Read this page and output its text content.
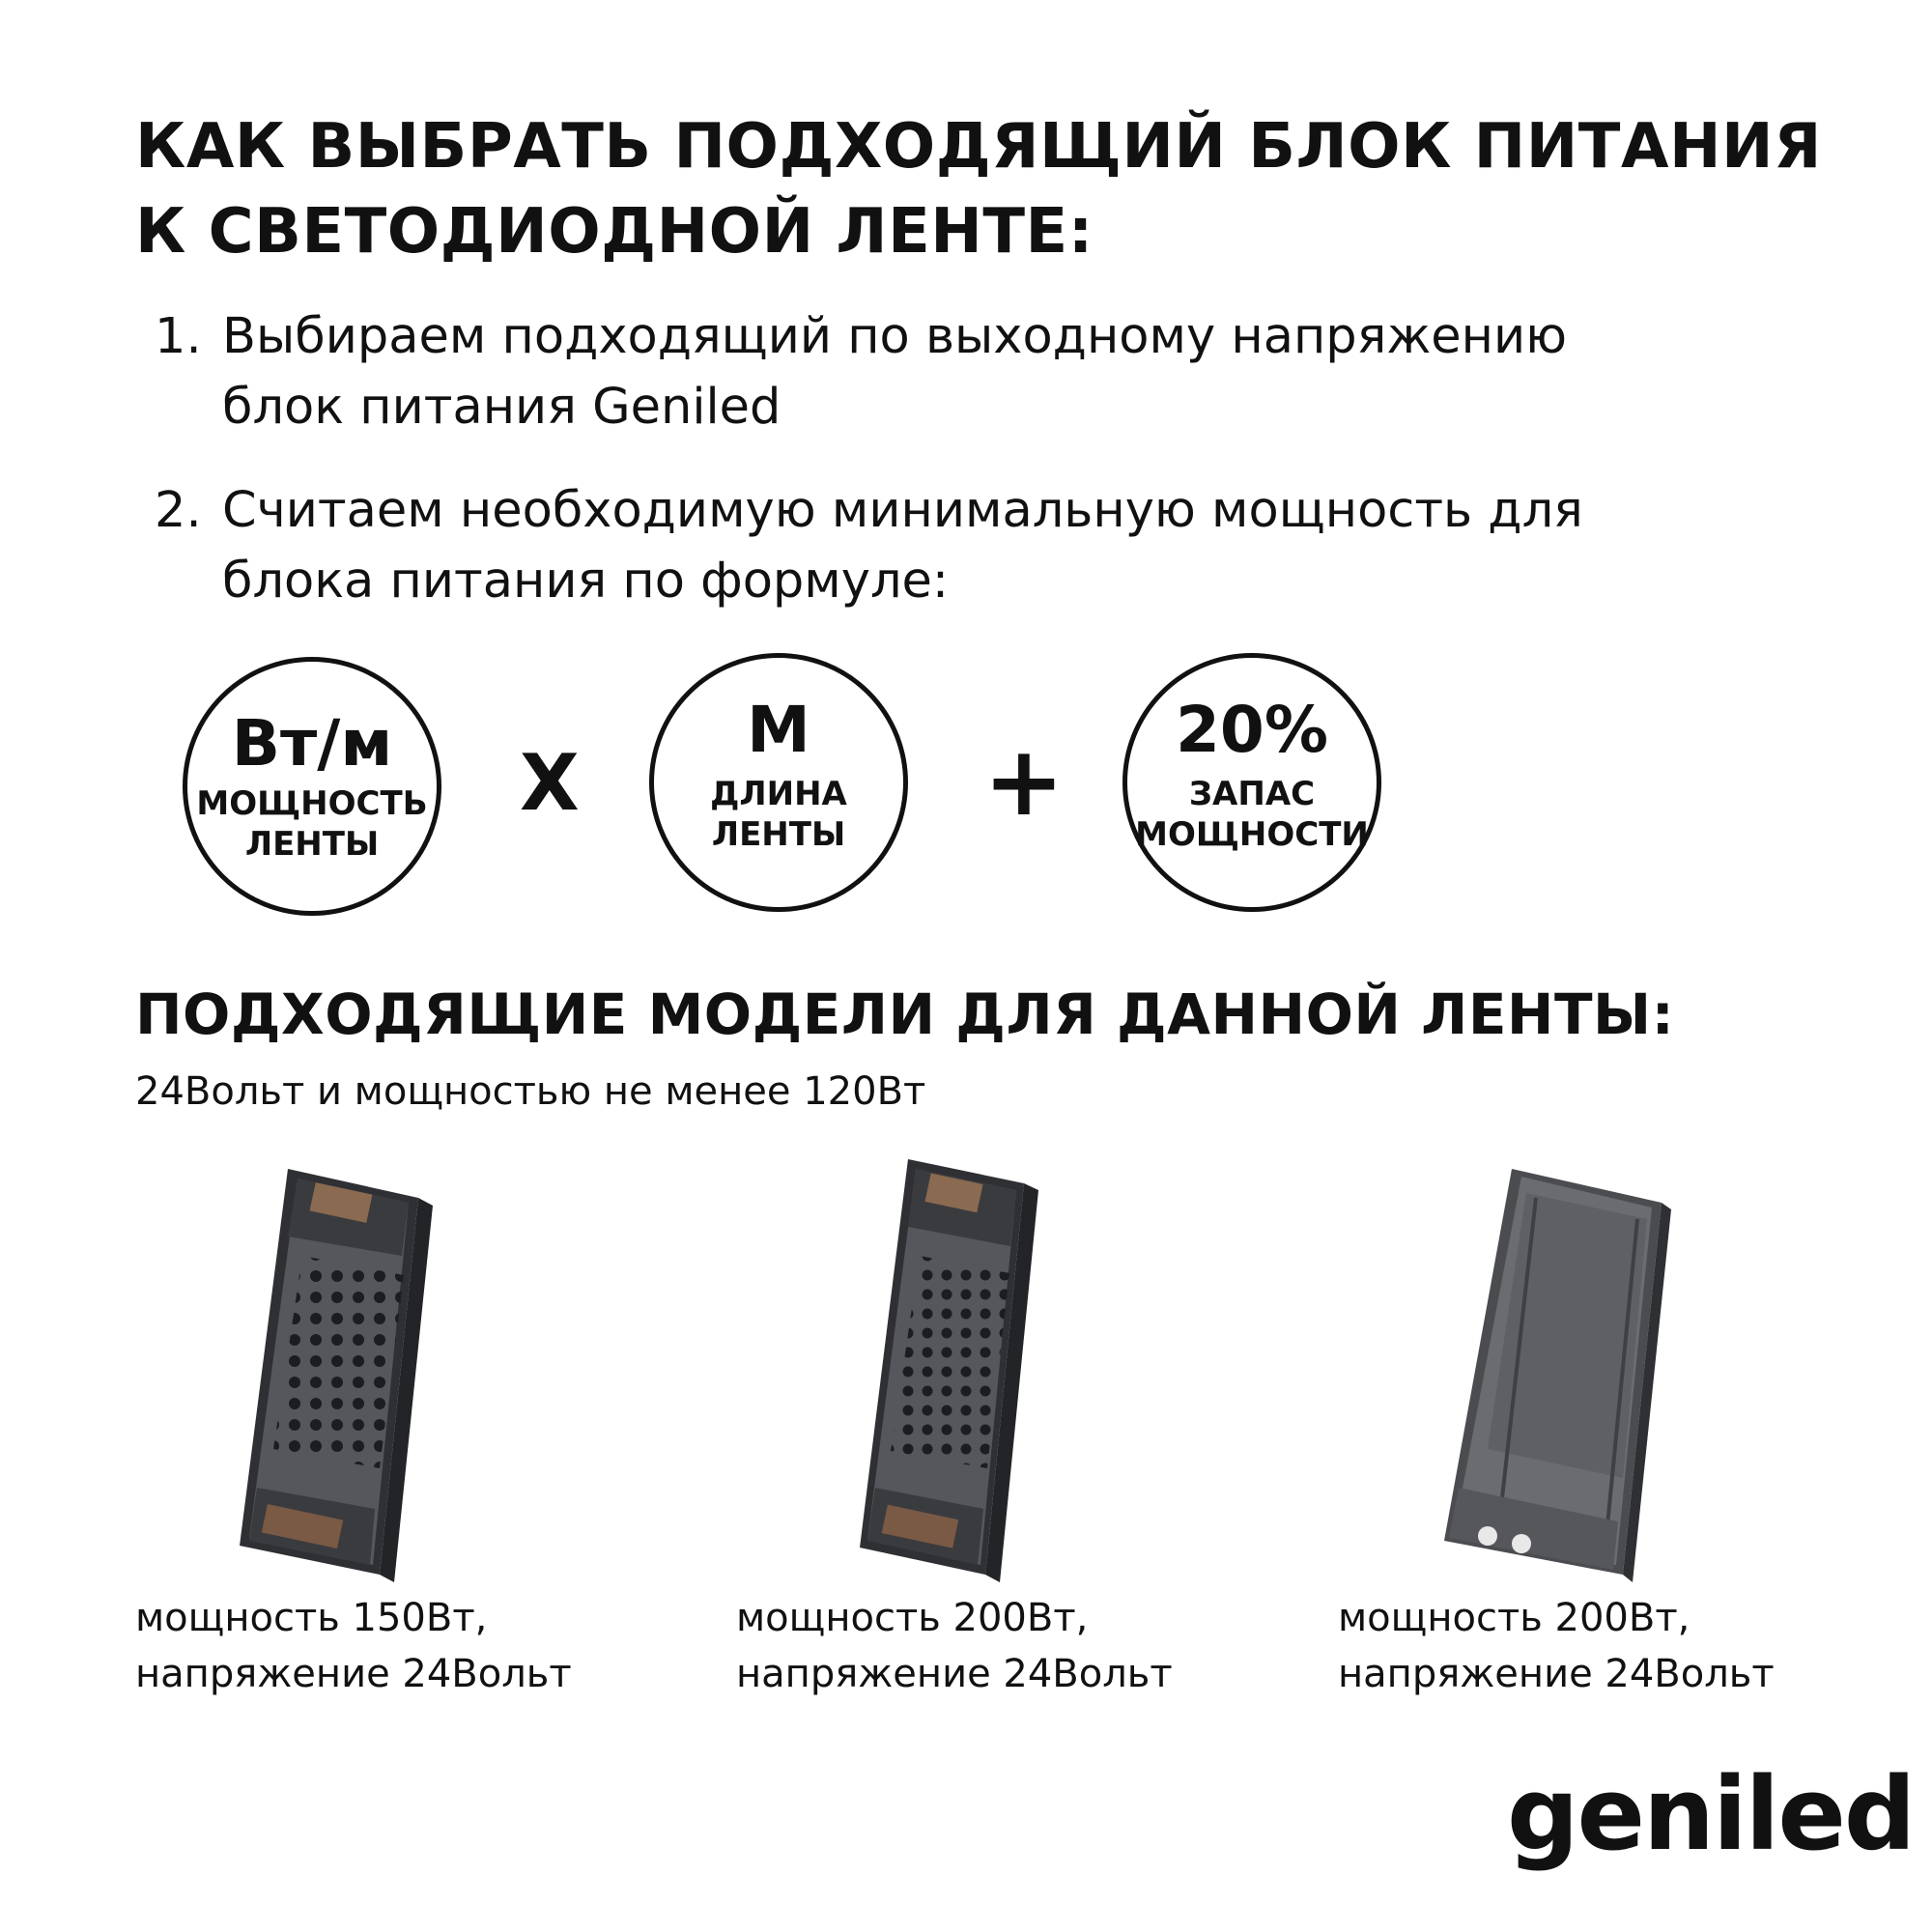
КАК ВЫБРАТЬ ПОДХОДЯЩИЙ БЛОК ПИТАНИЯ
К СВЕТОДИОДНОЙ ЛЕНТЕ:
1. Выбираем подходящий по выходному напряжению
блок питания Geniled
2. Считаем необходимую минимальную мощность для
блока питания по формуле:
Вт/м
МОЩНОСТЬ
ЛЕНТЫ
Х
М
ДЛИНА
ЛЕНТЫ	+	20%
ЗАПАС
МОЩНОСТИ
ПОДХОДЯЩИЕ МОДЕЛИ ДЛЯ ДАННОЙ ЛЕНТЫ:
24Вольт и мощностью не менее 120Вт
мощность 150Вт,
напряжение 24Вольт
мощность 200Вт,
напряжение 24Вольт
мощность 200Вт,
напряжение 24Вольт
geniled
